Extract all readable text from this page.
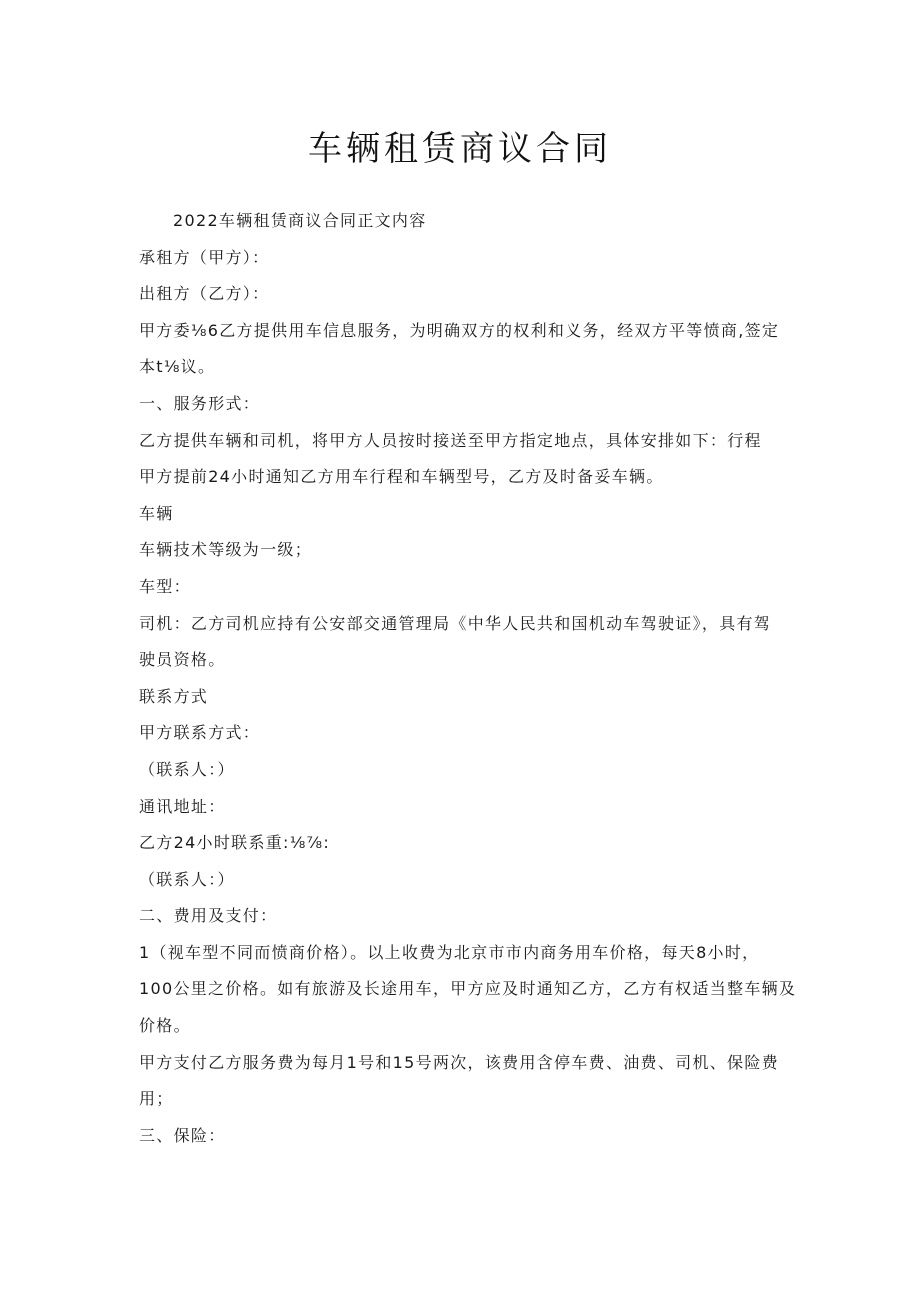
车辆租赁商议合同

2022车辆租赁商议合同正文内容

承租方（甲方）：

出租方（乙方）：

甲方委⅛6乙方提供用车信息服务，为明确双方的权利和义务，经双方平等愤商,签定

本t⅛议。

一、服务形式：

乙方提供车辆和司机，将甲方人员按时接送至甲方指定地点，具体安排如下：行程

甲方提前24小时通知乙方用车行程和车辆型号，乙方及时备妥车辆。

车辆

车辆技术等级为一级；

车型：

司机：乙方司机应持有公安部交通管理局《中华人民共和国机动车驾驶证》，具有驾

驶员资格。

联系方式

甲方联系方式：

（联系人：）

通讯地址：

乙方24小时联系重:⅛⅞:

（联系人：）

二、费用及支付：

1（视车型不同而愤商价格）。以上收费为北京市市内商务用车价格，每天8小时，

100公里之价格。如有旅游及长途用车，甲方应及时通知乙方，乙方有权适当整车辆及

价格。

甲方支付乙方服务费为每月1号和15号两次，该费用含停车费、油费、司机、保险费

用；

三、保险：
